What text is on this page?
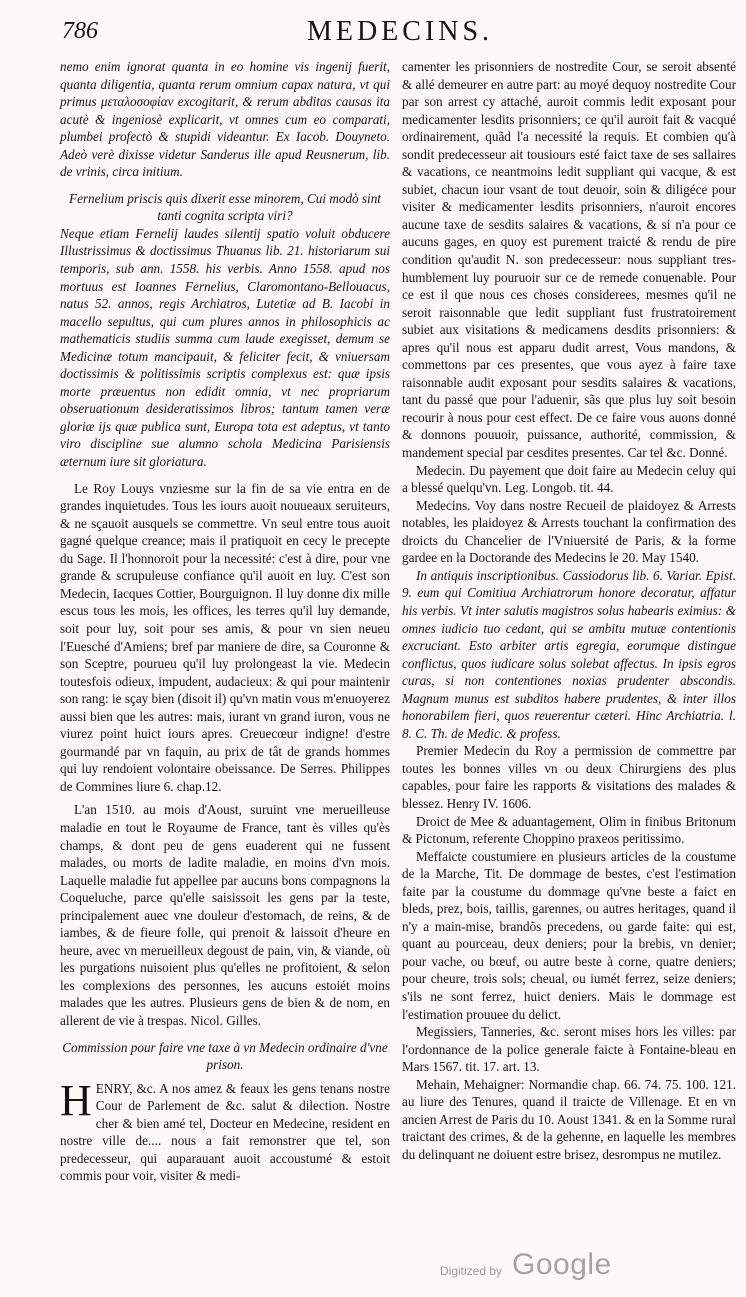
786	MEDECINS.

nemo enim ignorat quanta in eo homine vis ingenij fuerit, quanta diligentia, quanta rerum omnium capax natura, vt qui primus μεταλοσοφίαν excogitarit, & rerum abditas causas ita acutè & ingeniosè explicarit, vt omnes cum eo comparati, plumbei profectò & stupidi videantur. Ex Iacob. Douyneto. Adeò verè dixisse videtur Sanderus ille apud Reusnerum, lib. de vrinis, circa initium.

Fernelium priscis quis dixerit esse minorem, Cui modò sint tanti cognita scripta viri?

Neque etiam Fernelij laudes silentij spatio voluit obducere Illustrissimus & doctissimus Thuanus lib. 21. historiarum sui temporis, sub ann. 1558. his verbis. Anno 1558. apud nos mortuus est Ioannes Fernelius, Claromontano-Bellouacus, natus 52. annos, regis Archiatros, Lutetiæ ad B. Iacobi in macello sepultus, qui cum plures annos in philosophicis ac mathematicis studiis summa cum laude exegisset, demum se Medicinæ totum mancipauit, & feliciter fecit, & vniuersam doctissimis & politissimis scriptis complexus est: quæ ipsis morte præuentus non edidit omnia, vt nec propriarum obseruationum desideratissimos libros; tantum tamen veræ gloriæ ijs quæ publica sunt, Europa tota est adeptus, vt tanto viro discipline sue alumno schola Medicina Parisiensis æternum iure sit gloriatura.

Le Roy Louys vnziesme sur la fin de sa vie entra en de grandes inquietudes. Tous les iours auoit nouueaux seruiteurs, & ne sçauoit ausquels se commettre. Vn seul entre tous auoit gagné quelque creance; mais il pratiquoit en cecy le precepte du Sage. Il l'honnoroit pour la necessité: c'est à dire, pour vne grande & scrupuleuse confiance qu'il auoit en luy. C'est son Medecin, Iacques Cottier, Bourguignon. Il luy donne dix mille escus tous les mois, les offices, les terres qu'il luy demande, soit pour luy, soit pour ses amis, & pour vn sien neueu l'Euesché d'Amiens; bref par maniere de dire, sa Couronne & son Sceptre, pourueu qu'il luy prolongeast la vie. Medecin toutesfois odieux, impudent, audacieux: & qui pour maintenir son rang: ie sçay bien (disoit il) qu'vn matin vous m'enuoyerez aussi bien que les autres: mais, iurant vn grand iuron, vous ne viurez point huict iours apres. Creuecœur indigne! d'estre gourmandé par vn faquin, au prix de tât de grands hommes qui luy rendoient volontaire obeissance. De Serres. Philippes de Commines liure 6. chap.12.

L'an 1510. au mois d'Aoust, suruint vne merueilleuse maladie en tout le Royaume de France, tant ès villes qu'ès champs, & dont peu de gens euaderent qui ne fussent malades, ou morts de ladite maladie, en moins d'vn mois. Laquelle maladie fut appellee par aucuns bons compagnons la Coqueluche, parce qu'elle saisissoit les gens par la teste, principalement auec vne douleur d'estomach, de reins, & de iambes, & de fieure folle, qui prenoit & laissoit d'heure en heure, avec vn merueilleux degoust de pain, vin, & viande, où les purgations nuisoient plus qu'elles ne profitoient, & selon les complexions des personnes, les aucuns estoiét moins malades que les autres. Plusieurs gens de bien & de nom, en allerent de vie à trespas. Nicol. Gilles.

Commission pour faire vne taxe à vn Medecin ordinaire d'vne prison.

HENRY, &c. A nos amez & feaux les gens tenans nostre Cour de Parlement de &c. salut & dilection. Nostre cher & bien amé tel, Docteur en Medecine, resident en nostre ville de.... nous a fait remonstrer que tel, son predecesseur, qui auparauant auoit accoustumé & estoit commis pour voir, visiter & medi-

camenter les prisonniers de nostredite Cour, se seroit absenté & allé demeurer en autre part: au moyé dequoy nostredite Cour par son arrest cy attaché, auroit commis ledit exposant pour medicamenter lesdits prisonniers; ce qu'il auroit fait & vacqué ordinairement, quãd l'a necessité la requis. Et combien qu'à sondit predecesseur ait tousiours esté faict taxe de ses sallaires & vacations, ce neantmoins ledit suppliant qui vacque, & est subiet, chacun iour vsant de tout deuoir, soin & diligéce pour visiter & medicamenter lesdits prisonniers, n'auroit encores aucune taxe de sesdits salaires & vacations, & si n'a pour ce aucuns gages, en quoy est purement traicté & rendu de pire condition qu'audit N. son predecesseur: nous suppliant tres-humblement luy pouruoir sur ce de remede conuenable. Pour ce est il que nous ces choses considerees, mesmes qu'il ne seroit raisonnable que ledit suppliant fust frustratoirement subiet aux visitations & medicamens desdits prisonniers: & apres qu'il nous est apparu dudit arrest, Vous mandons, & commettons par ces presentes, que vous ayez à faire taxe raisonnable audit exposant pour sesdits salaires & vacations, tant du passé que pour l'aduenir, sãs que plus luy soit besoin recourir à nous pour cest effect. De ce faire vous auons donné & donnons pouuoir, puissance, authorité, commission, & mandement special par cesdites presentes. Car tel &c. Donné.

Medecin. Du payement que doit faire au Medecin celuy qui a blessé quelqu'vn. Leg. Longob. tit. 44.

Medecins. Voy dans nostre Recueil de plaidoyez & Arrests notables, les plaidoyez & Arrests touchant la confirmation des droicts du Chancelier de l'Vniuersité de Paris, & la forme gardee en la Doctorande des Medecins le 20. May 1540.

In antiquis inscriptionibus. Cassiodorus lib. 6. Variar. Epist. 9. eum qui Comitiua Archiatrorum honore decoratur, affatur his verbis. Vt inter salutis magistros solus habearis eximius: & omnes iudicio tuo cedant, qui se ambitu mutuæ contentionis excruciant. Esto arbiter artis egregia, eorumque distingue conflictus, quos iudicare solus solebat affectus. In ipsis egros curas, si non contentiones noxias prudenter abscondis. Magnum munus est subditos habere prudentes, & inter illos honorabilem fieri, quos reuerentur cæteri. Hinc Archiatria. l. 8. C. Th. de Medic. & profess.

Premier Medecin du Roy a permission de commettre par toutes les bonnes villes vn ou deux Chirurgiens des plus capables, pour faire les rapports & visitations des malades & blessez. Henry IV. 1606.

Droict de Mee & aduantagement, Olim in finibus Britonum & Pictonum, referente Choppino praxeos peritissimo.

Meffaicte coustumiere en plusieurs articles de la coustume de la Marche, Tit. De dommage de bestes, c'est l'estimation faite par la coustume du dommage qu'vne beste a faict en bleds, prez, bois, taillis, garennes, ou autres heritages, quand il n'y a main-mise, brandõs precedens, ou garde faite: qui est, quant au pourceau, deux deniers; pour la brebis, vn denier; pour vache, ou bœuf, ou autre beste à corne, quatre deniers; pour cheure, trois sols; cheual, ou iumét ferrez, seize deniers; s'ils ne sont ferrez, huict deniers. Mais le dommage est l'estimation prouuee du delict.

Megissiers, Tanneries, &c. seront mises hors les villes: par l'ordonnance de la police generale faicte à Fontaine-bleau en Mars 1567. tit. 17. art. 13.

Mehain, Mehaigner: Normandie chap. 66. 74. 75. 100. 121. au liure des Tenures, quand il traicte de Villenage. Et en vn ancien Arrest de Paris du 10. Aoust 1341. & en la Somme rural traictant des crimes, & de la gehenne, en laquelle les membres du delinquant ne doiuent estre brisez, desrompus ne mutilez.

Digitized by Google
